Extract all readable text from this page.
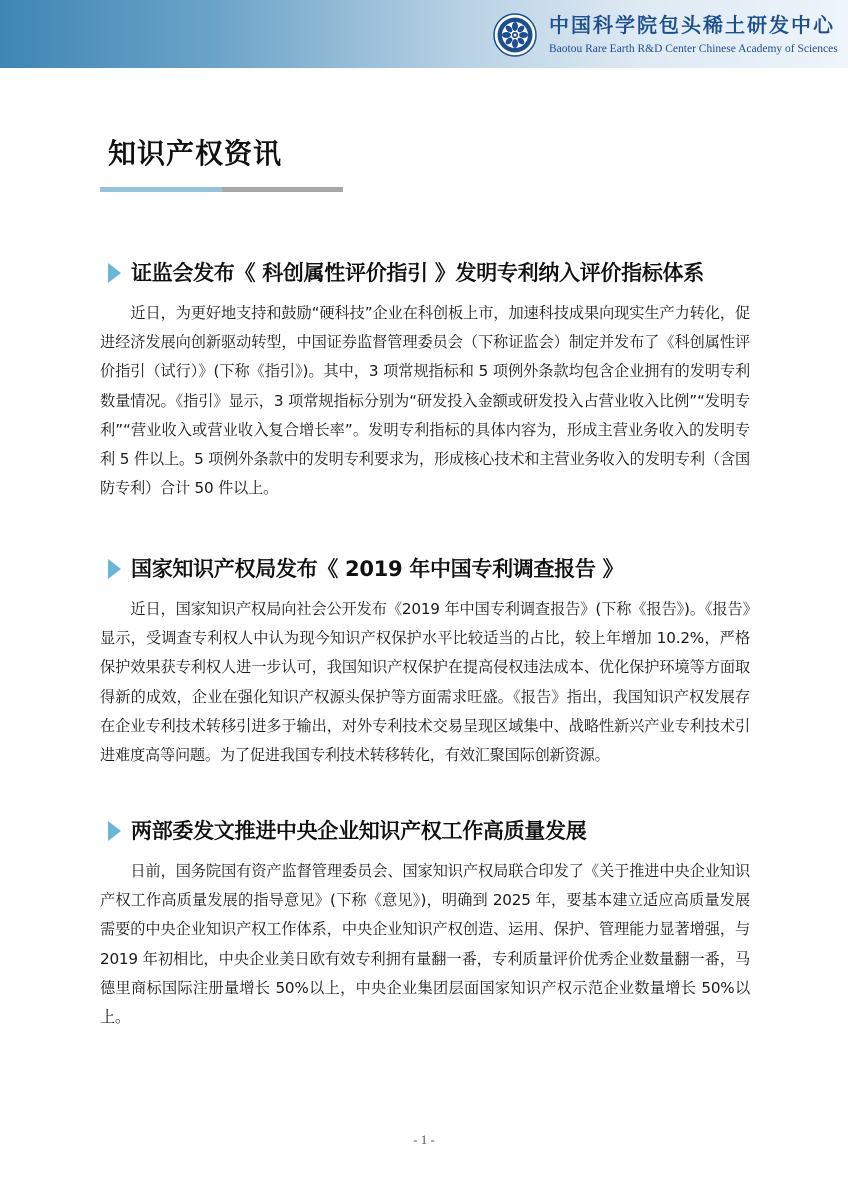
中国科学院包头稀土研发中心
Baotou Rare Earth R&D Center Chinese Academy of Sciences
知识产权资讯
证监会发布《 科创属性评价指引 》发明专利纳入评价指标体系

近日，为更好地支持和鼓励“硬科技”企业在科创板上市，加速科技成果向现实生产力转化，促进经济发展向创新驱动转型，中国证券监督管理委员会（下称证监会）制定并发布了《科创属性评价指引（试行）》(下称《指引》)。其中，3 项常规指标和 5 项例外条款均包含企业拥有的发明专利数量情况。《指引》显示，3 项常规指标分别为“研发投入金额或研发投入占营业收入比例”“发明专利”“营业收入或营业收入复合增长率”。发明专利指标的具体内容为，形成主营业务收入的发明专利 5 件以上。5 项例外条款中的发明专利要求为，形成核心技术和主营业务收入的发明专利（含国防专利）合计 50 件以上。

国家知识产权局发布《 2019 年中国专利调查报告 》

近日，国家知识产权局向社会公开发布《2019 年中国专利调查报告》(下称《报告》)。《报告》显示，受调查专利权人中认为现今知识产权保护水平比较适当的占比，较上年增加 10.2%，严格保护效果获专利权人进一步认可，我国知识产权保护在提高侵权违法成本、优化保护环境等方面取得新的成效，企业在强化知识产权源头保护等方面需求旺盛。《报告》指出，我国知识产权发展存在企业专利技术转移引进多于输出，对外专利技术交易呈现区域集中、战略性新兴产业专利技术引进难度高等问题。为了促进我国专利技术转移转化，有效汇聚国际创新资源。

两部委发文推进中央企业知识产权工作高质量发展

日前，国务院国有资产监督管理委员会、国家知识产权局联合印发了《关于推进中央企业知识产权工作高质量发展的指导意见》(下称《意见》)，明确到 2025 年，要基本建立适应高质量发展需要的中央企业知识产权工作体系，中央企业知识产权创造、运用、保护、管理能力显著增强，与 2019 年初相比，中央企业美日欧有效专利拥有量翻一番，专利质量评价优秀企业数量翻一番，马德里商标国际注册量增长 50%以上，中央企业集团层面国家知识产权示范企业数量增长 50%以上。

- 1 -
